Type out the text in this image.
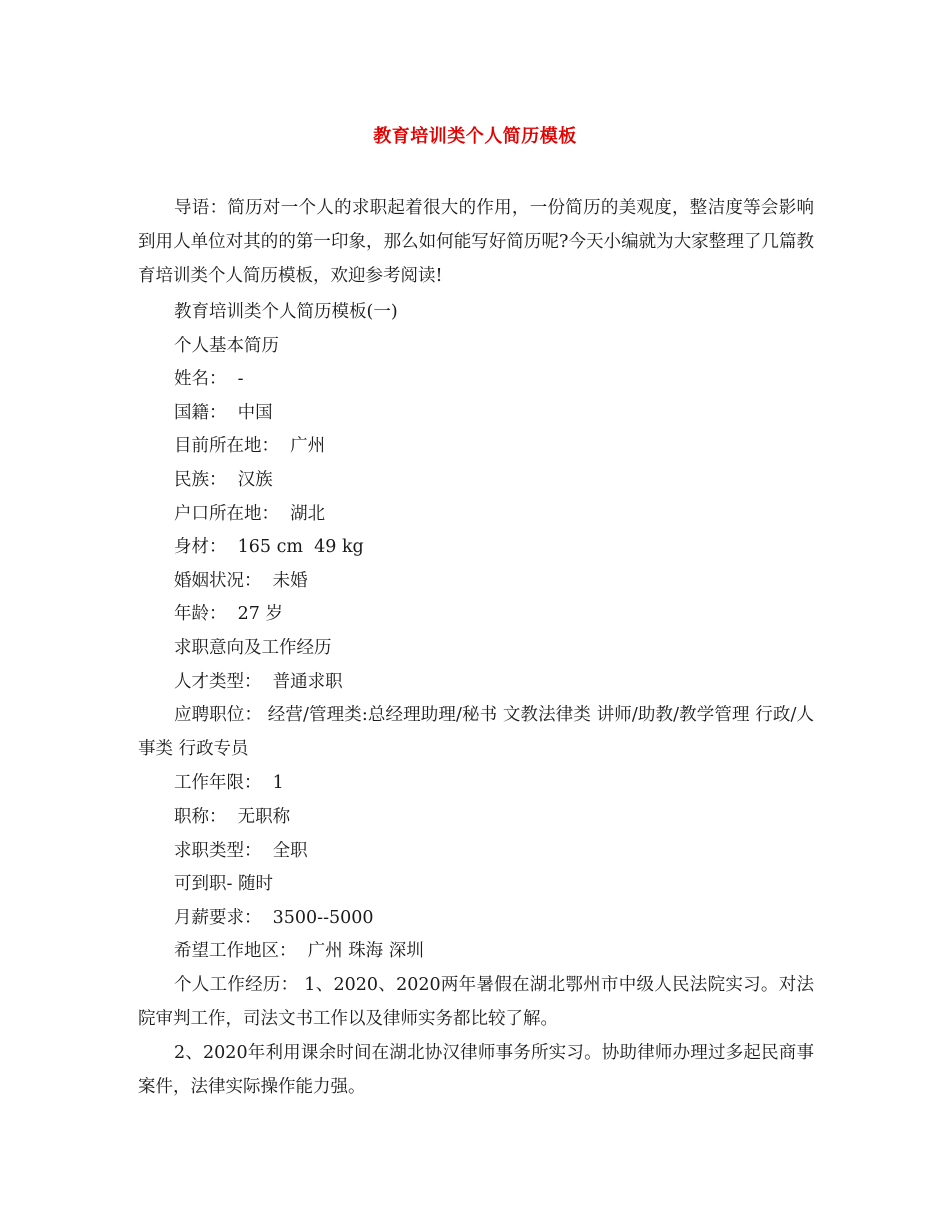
教育培训类个人简历模板
导语：简历对一个人的求职起着很大的作用，一份简历的美观度，整洁度等会影响到用人单位对其的的第一印象，那么如何能写好简历呢?今天小编就为大家整理了几篇教育培训类个人简历模板，欢迎参考阅读!
教育培训类个人简历模板(一)
个人基本简历
姓名：  -
国籍：  中国
目前所在地：  广州
民族：  汉族
户口所在地：  湖北
身材：  165 cm  49 kg
婚姻状况：  未婚
年龄：  27 岁
求职意向及工作经历
人才类型：  普通求职
应聘职位： 经营/管理类:总经理助理/秘书 文教法律类 讲师/助教/教学管理 行政/人事类 行政专员
工作年限：  1
职称：  无职称
求职类型：  全职
可到职- 随时
月薪要求：  3500--5000
希望工作地区：  广州 珠海 深圳
个人工作经历： 1、2020、2020两年暑假在湖北鄂州市中级人民法院实习。对法院审判工作，司法文书工作以及律师实务都比较了解。
2、2020年利用课余时间在湖北协汉律师事务所实习。协助律师办理过多起民商事案件，法律实际操作能力强。
